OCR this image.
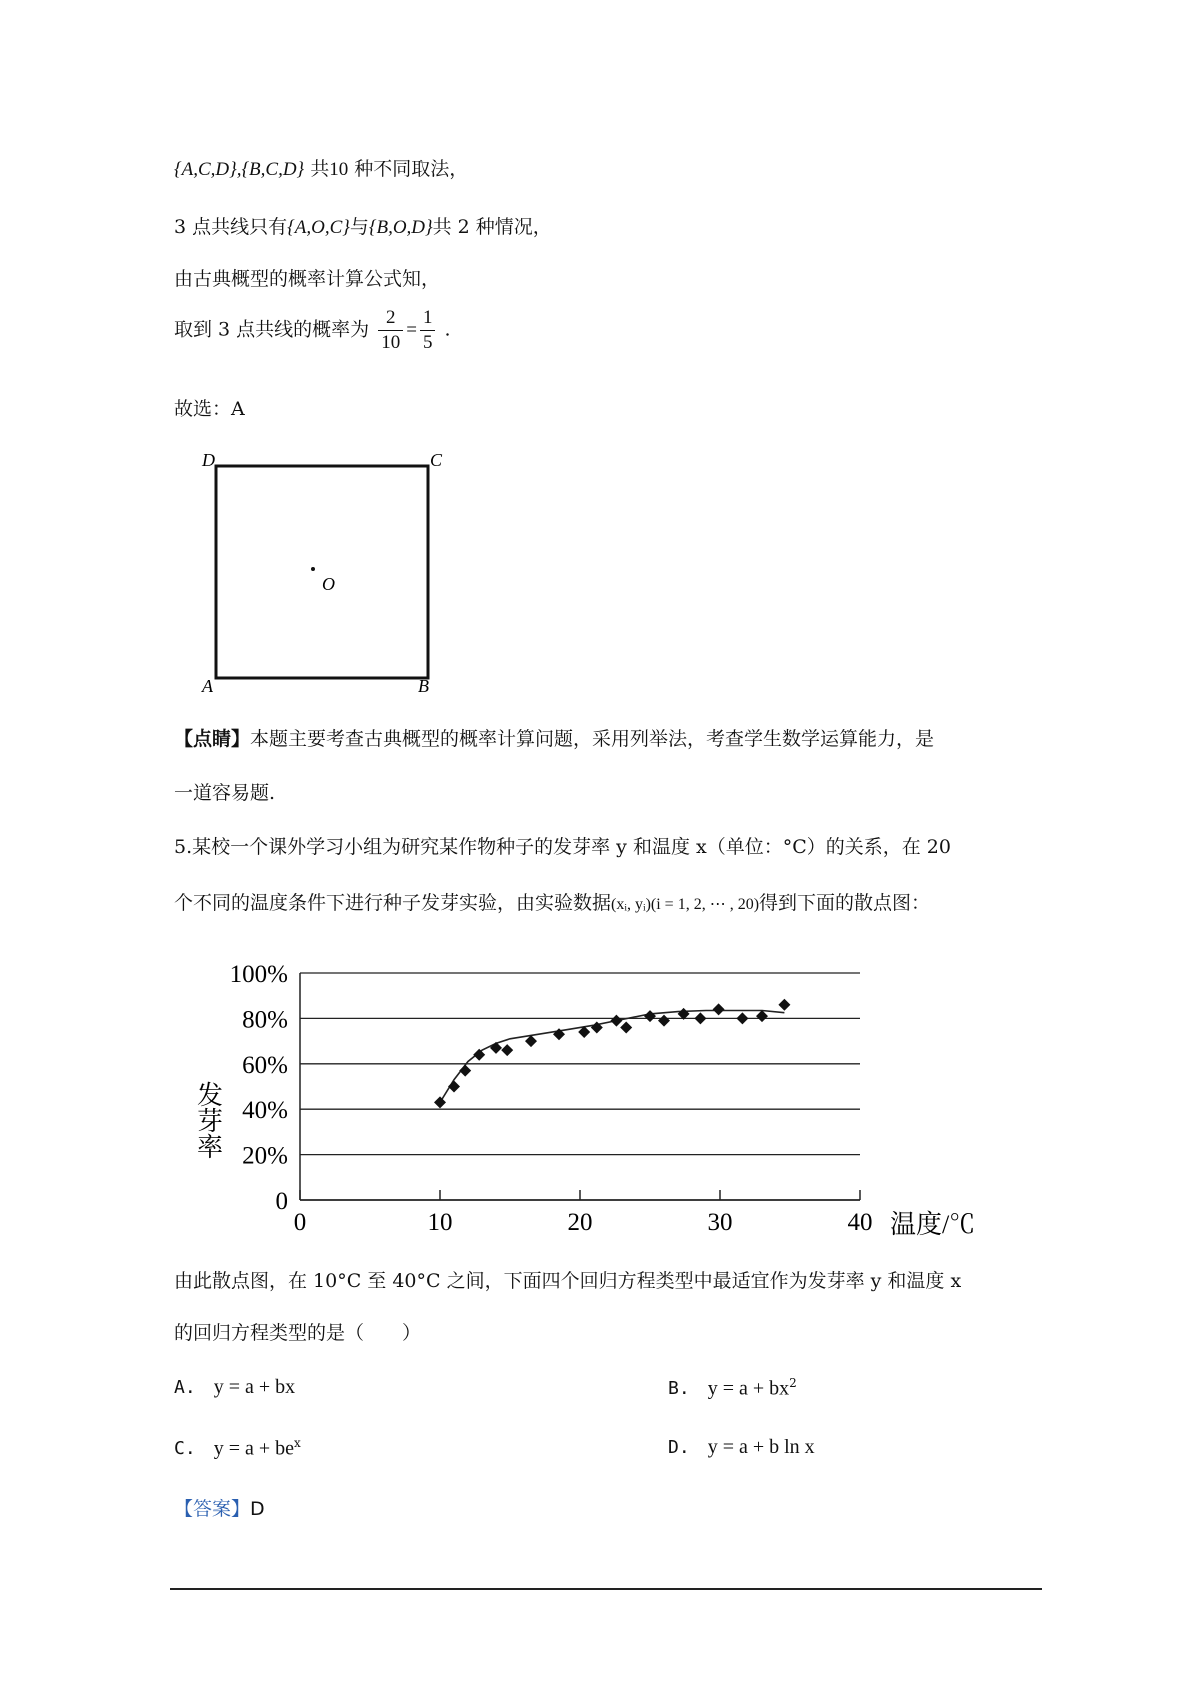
{A,C,D},{B,C,D} 共10 种不同取法，
3 点共线只有{A,O,C}与{B,O,D}共 2 种情况，
由古典概型的概率计算公式知，
取到 3 点共线的概率为 $\frac{2}{10} = \frac{1}{5}$ .
故选：A
D	C
A	B
O
【点睛】本题主要考查古典概型的概率计算问题，采用列举法，考查学生数学运算能力，是
一道容易题.
5.某校一个课外学习小组为研究某作物种子的发芽率 y 和温度 x（单位：°C）的关系，在 20
个不同的温度条件下进行种子发芽实验，由实验数据(xᵢ, yᵢ)(i = 1, 2, ⋯ , 20)得到下面的散点图：
0
20%
40%
60%
80%
100%
0	10	20	30	40
发芽率
温度/℃
由此散点图，在 10°C 至 40°C 之间，下面四个回归方程类型中最适宜作为发芽率 y 和温度 x
的回归方程类型的是（　　）
A. y = a + bx	B. $y = a + bx^2$
C. $y = a + be^x$	D. y = a + b ln x
【答案】D
